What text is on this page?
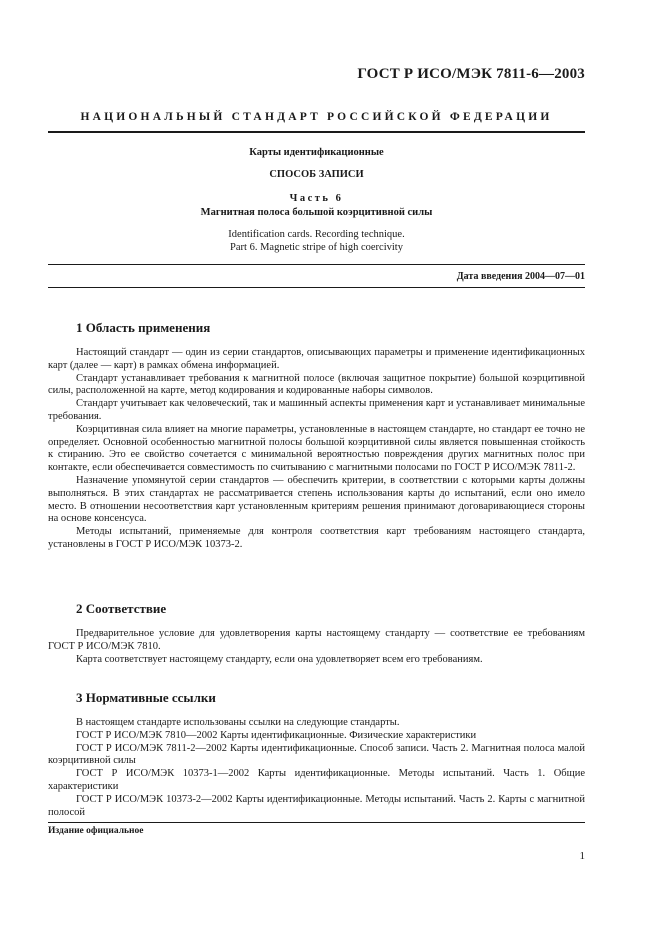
ГОСТ Р ИСО/МЭК 7811-6—2003
НАЦИОНАЛЬНЫЙ СТАНДАРТ РОССИЙСКОЙ ФЕДЕРАЦИИ
Карты идентификационные
СПОСОБ ЗАПИСИ
Часть 6
Магнитная полоса большой коэрцитивной силы
Identification cards. Recording technique.
Part 6. Magnetic stripe of high coercivity
Дата введения 2004—07—01
1 Область применения

Настоящий стандарт — один из серии стандартов, описывающих параметры и применение идентификационных карт (далее — карт) в рамках обмена информацией.

Стандарт устанавливает требования к магнитной полосе (включая защитное покрытие) большой коэрцитивной силы, расположенной на карте, метод кодирования и кодированные наборы символов.

Стандарт учитывает как человеческий, так и машинный аспекты применения карт и устанавливает минимальные требования.

Коэрцитивная сила влияет на многие параметры, установленные в настоящем стандарте, но стандарт ее точно не определяет. Основной особенностью магнитной полосы большой коэрцитивной силы является повышенная стойкость к стиранию. Это ее свойство сочетается с минимальной вероятностью повреждения других магнитных полос при контакте, если обеспечивается совместимость по считыванию с магнитными полосами по ГОСТ Р ИСО/МЭК 7811-2.

Назначение упомянутой серии стандартов — обеспечить критерии, в соответствии с которыми карты должны выполняться. В этих стандартах не рассматривается степень использования карты до испытаний, если оно имело место. В отношении несоответствия карт установленным критериям решения принимают договаривающиеся стороны на основе консенсуса.

Методы испытаний, применяемые для контроля соответствия карт требованиям настоящего стандарта, установлены в ГОСТ Р ИСО/МЭК 10373-2.

2 Соответствие

Предварительное условие для удовлетворения карты настоящему стандарту — соответствие ее требованиям ГОСТ Р ИСО/МЭК 7810.

Карта соответствует настоящему стандарту, если она удовлетворяет всем его требованиям.

3 Нормативные ссылки

В настоящем стандарте использованы ссылки на следующие стандарты.

ГОСТ Р ИСО/МЭК 7810—2002 Карты идентификационные. Физические характеристики

ГОСТ Р ИСО/МЭК 7811-2—2002 Карты идентификационные. Способ записи. Часть 2. Магнитная полоса малой коэрцитивной силы

ГОСТ Р ИСО/МЭК 10373-1—2002 Карты идентификационные. Методы испытаний. Часть 1. Общие характеристики

ГОСТ Р ИСО/МЭК 10373-2—2002 Карты идентификационные. Методы испытаний. Часть 2. Карты с магнитной полосой

Издание официальное
1
